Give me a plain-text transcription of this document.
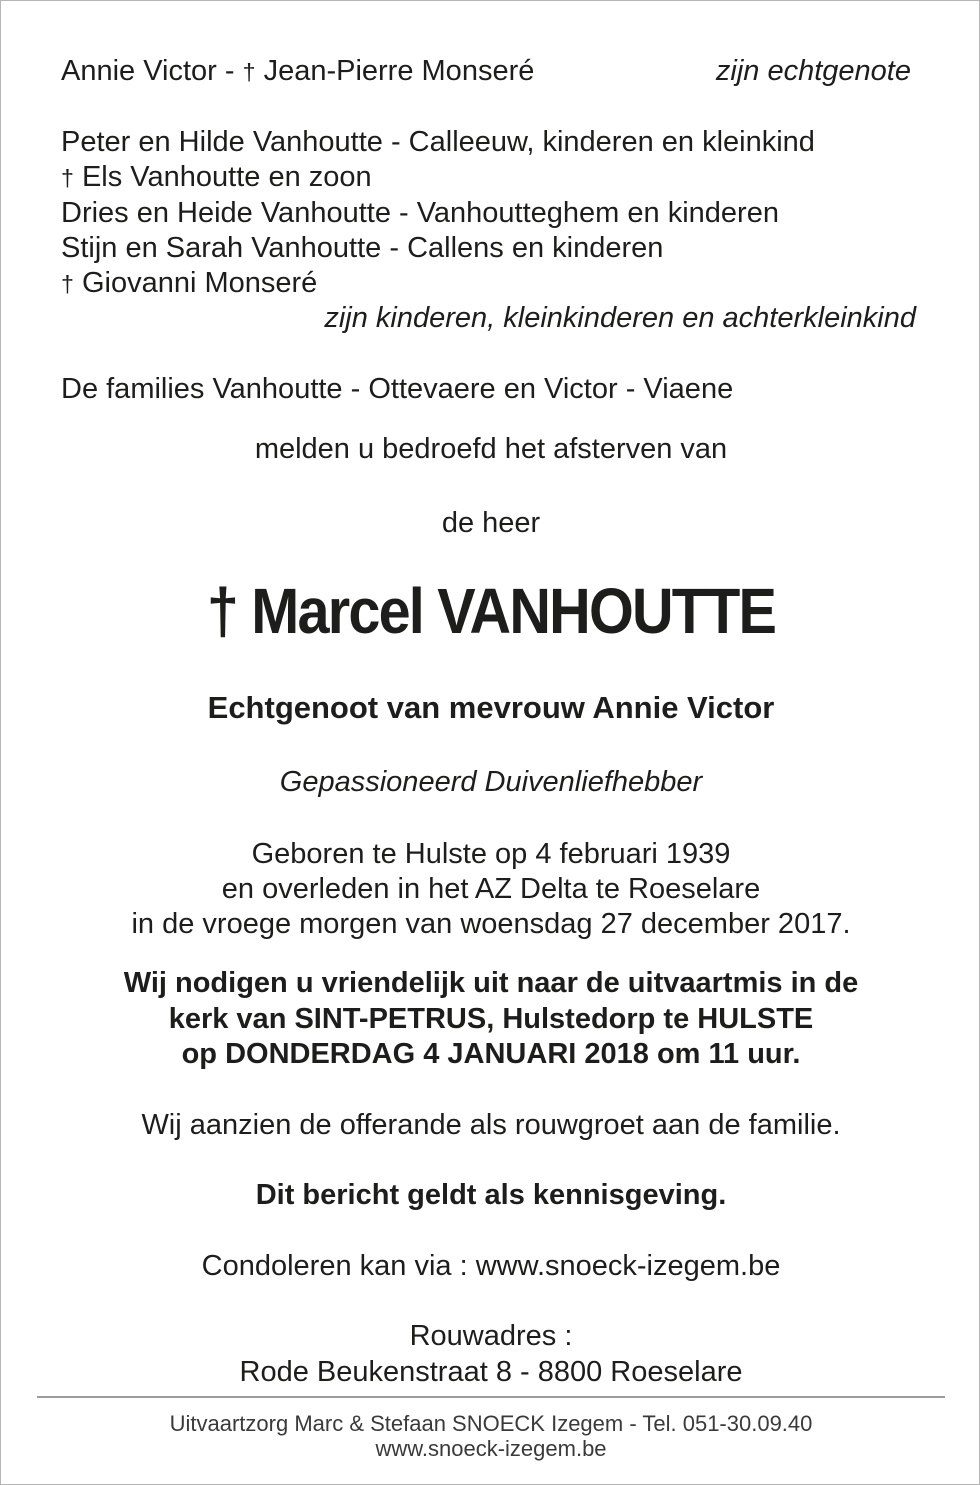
Annie Victor - † Jean-Pierre Monseré	zijn echtgenote
Peter en Hilde Vanhoutte - Calleeuw, kinderen en kleinkind
† Els Vanhoutte en zoon
Dries en Heide Vanhoutte - Vanhoutteghem en kinderen
Stijn en Sarah Vanhoutte - Callens en kinderen
† Giovanni Monseré
zijn kinderen, kleinkinderen en achterkleinkind
De families Vanhoutte - Ottevaere en Victor - Viaene
melden u bedroefd het afsterven van
de heer
† Marcel VANHOUTTE
Echtgenoot van mevrouw Annie Victor
Gepassioneerd Duivenliefhebber
Geboren te Hulste op 4 februari 1939
en overleden in het AZ Delta te Roeselare
in de vroege morgen van woensdag 27 december 2017.
Wij nodigen u vriendelijk uit naar de uitvaartmis in de
kerk van SINT-PETRUS, Hulstedorp te HULSTE
op DONDERDAG 4 JANUARI 2018 om 11 uur.
Wij aanzien de offerande als rouwgroet aan de familie.
Dit bericht geldt als kennisgeving.
Condoleren kan via : www.snoeck-izegem.be
Rouwadres :
Rode Beukenstraat 8 - 8800 Roeselare
Uitvaartzorg Marc & Stefaan SNOECK Izegem - Tel. 051-30.09.40
www.snoeck-izegem.be
